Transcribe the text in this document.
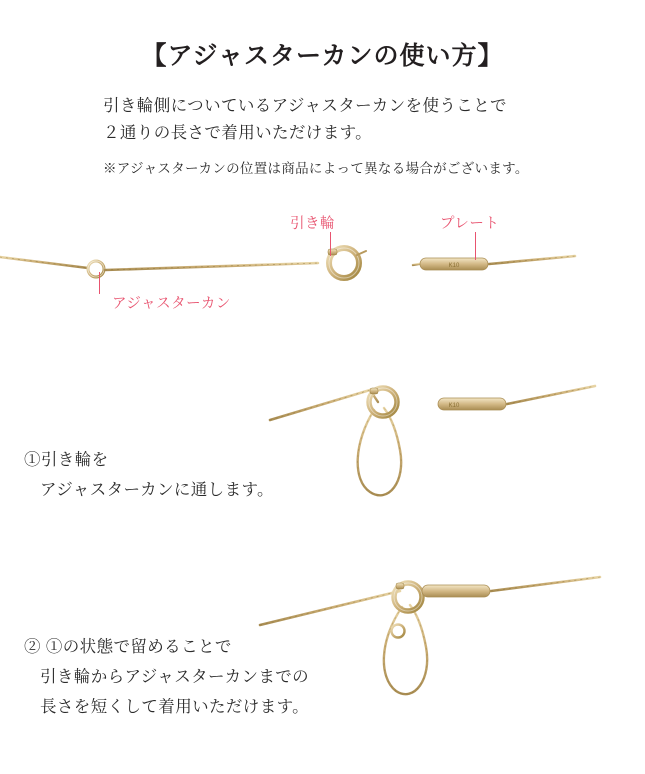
【アジャスターカンの使い方】
引き輪側についているアジャスターカンを使うことで
２通りの長さで着用いただけます。
※アジャスターカンの位置は商品によって異なる場合がございます。
K10
引き輪	プレート
アジャスターカン
K10
①引き輪を

アジャスターカンに通します。
② ①の状態で留めることで

引き輪からアジャスターカンまでの
長さを短くして着用いただけます。
